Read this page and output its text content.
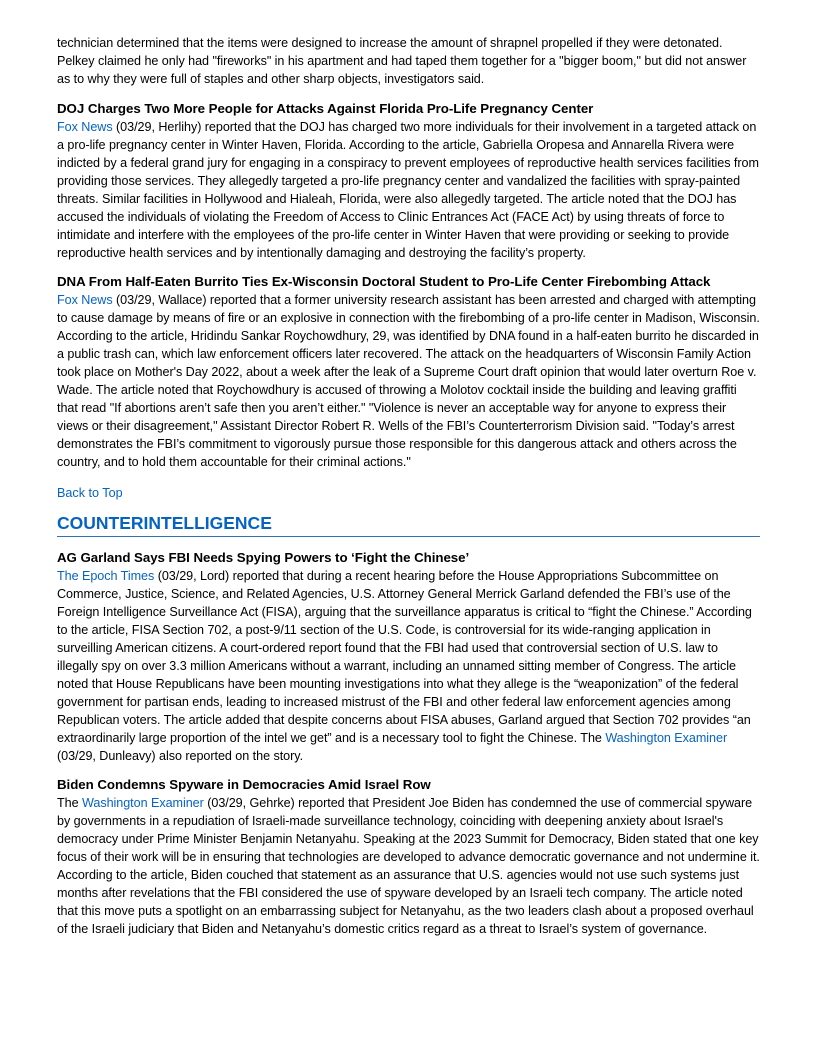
technician determined that the items were designed to increase the amount of shrapnel propelled if they were detonated. Pelkey claimed he only had "fireworks" in his apartment and had taped them together for a "bigger boom," but did not answer as to why they were full of staples and other sharp objects, investigators said.

DOJ Charges Two More People for Attacks Against Florida Pro-Life Pregnancy Center

Fox News (03/29, Herlihy) reported that the DOJ has charged two more individuals for their involvement in a targeted attack on a pro-life pregnancy center in Winter Haven, Florida. According to the article, Gabriella Oropesa and Annarella Rivera were indicted by a federal grand jury for engaging in a conspiracy to prevent employees of reproductive health services facilities from providing those services. They allegedly targeted a pro-life pregnancy center and vandalized the facilities with spray-painted threats. Similar facilities in Hollywood and Hialeah, Florida, were also allegedly targeted. The article noted that the DOJ has accused the individuals of violating the Freedom of Access to Clinic Entrances Act (FACE Act) by using threats of force to intimidate and interfere with the employees of the pro-life center in Winter Haven that were providing or seeking to provide reproductive health services and by intentionally damaging and destroying the facility’s property.

DNA From Half-Eaten Burrito Ties Ex-Wisconsin Doctoral Student to Pro-Life Center Firebombing Attack

Fox News (03/29, Wallace) reported that a former university research assistant has been arrested and charged with attempting to cause damage by means of fire or an explosive in connection with the firebombing of a pro-life center in Madison, Wisconsin. According to the article, Hridindu Sankar Roychowdhury, 29, was identified by DNA found in a half-eaten burrito he discarded in a public trash can, which law enforcement officers later recovered. The attack on the headquarters of Wisconsin Family Action took place on Mother's Day 2022, about a week after the leak of a Supreme Court draft opinion that would later overturn Roe v. Wade. The article noted that Roychowdhury is accused of throwing a Molotov cocktail inside the building and leaving graffiti that read "If abortions aren’t safe then you aren’t either." "Violence is never an acceptable way for anyone to express their views or their disagreement," Assistant Director Robert R. Wells of the FBI’s Counterterrorism Division said. "Today’s arrest demonstrates the FBI’s commitment to vigorously pursue those responsible for this dangerous attack and others across the country, and to hold them accountable for their criminal actions."

Back to Top
COUNTERINTELLIGENCE

AG Garland Says FBI Needs Spying Powers to ‘Fight the Chinese’

The Epoch Times (03/29, Lord) reported that during a recent hearing before the House Appropriations Subcommittee on Commerce, Justice, Science, and Related Agencies, U.S. Attorney General Merrick Garland defended the FBI’s use of the Foreign Intelligence Surveillance Act (FISA), arguing that the surveillance apparatus is critical to “fight the Chinese.” According to the article, FISA Section 702, a post-9/11 section of the U.S. Code, is controversial for its wide-ranging application in surveilling American citizens. A court-ordered report found that the FBI had used that controversial section of U.S. law to illegally spy on over 3.3 million Americans without a warrant, including an unnamed sitting member of Congress. The article noted that House Republicans have been mounting investigations into what they allege is the “weaponization” of the federal government for partisan ends, leading to increased mistrust of the FBI and other federal law enforcement agencies among Republican voters. The article added that despite concerns about FISA abuses, Garland argued that Section 702 provides “an extraordinarily large proportion of the intel we get” and is a necessary tool to fight the Chinese. The Washington Examiner (03/29, Dunleavy) also reported on the story.

Biden Condemns Spyware in Democracies Amid Israel Row

The Washington Examiner (03/29, Gehrke) reported that President Joe Biden has condemned the use of commercial spyware by governments in a repudiation of Israeli-made surveillance technology, coinciding with deepening anxiety about Israel's democracy under Prime Minister Benjamin Netanyahu. Speaking at the 2023 Summit for Democracy, Biden stated that one key focus of their work will be in ensuring that technologies are developed to advance democratic governance and not undermine it. According to the article, Biden couched that statement as an assurance that U.S. agencies would not use such systems just months after revelations that the FBI considered the use of spyware developed by an Israeli tech company. The article noted that this move puts a spotlight on an embarrassing subject for Netanyahu, as the two leaders clash about a proposed overhaul of the Israeli judiciary that Biden and Netanyahu’s domestic critics regard as a threat to Israel’s system of governance.
